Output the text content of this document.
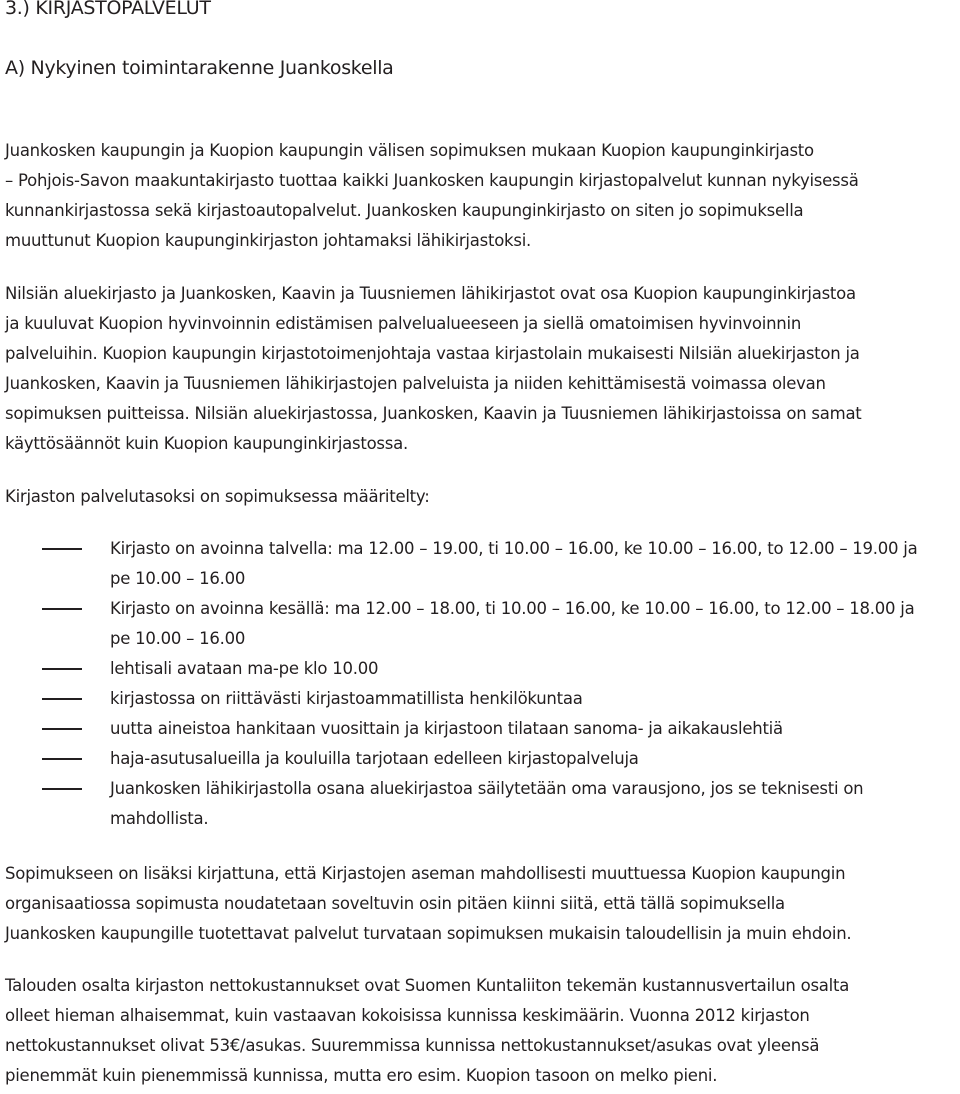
3.) KIRJASTOPALVELUT
A) Nykyinen toimintarakenne Juankoskella
Juankosken kaupungin ja Kuopion kaupungin välisen sopimuksen mukaan Kuopion kaupunginkirjasto
– Pohjois-Savon maakuntakirjasto tuottaa kaikki Juankosken kaupungin kirjastopalvelut kunnan nykyisessä
kunnankirjastossa sekä kirjastoautopalvelut. Juankosken kaupunginkirjasto on siten jo sopimuksella
muuttunut Kuopion kaupunginkirjaston johtamaksi lähikirjastoksi.
Nilsiän aluekirjasto ja Juankosken, Kaavin ja Tuusniemen lähikirjastot ovat osa Kuopion kaupunginkirjastoa
ja kuuluvat Kuopion hyvinvoinnin edistämisen palvelualueeseen ja siellä omatoimisen hyvinvoinnin
palveluihin. Kuopion kaupungin kirjastotoimenjohtaja vastaa kirjastolain mukaisesti Nilsiän aluekirjaston ja
Juankosken, Kaavin ja Tuusniemen lähikirjastojen palveluista ja niiden kehittämisestä voimassa olevan
sopimuksen puitteissa. Nilsiän aluekirjastossa, Juankosken, Kaavin ja Tuusniemen lähikirjastoissa on samat
käyttösäännöt kuin Kuopion kaupunginkirjastossa.
Kirjaston palvelutasoksi on sopimuksessa määritelty:
Kirjasto on avoinna talvella: ma 12.00 – 19.00, ti 10.00 – 16.00, ke 10.00 – 16.00, to 12.00 – 19.00 ja
pe 10.00 – 16.00
Kirjasto on avoinna kesällä: ma 12.00 – 18.00, ti 10.00 – 16.00, ke 10.00 – 16.00, to 12.00 – 18.00 ja
pe 10.00 – 16.00
lehtisali avataan ma-pe klo 10.00
kirjastossa on riittävästi kirjastoammatillista henkilökuntaa
uutta aineistoa hankitaan vuosittain ja kirjastoon tilataan sanoma- ja aikakauslehtiä
haja-asutusalueilla ja kouluilla tarjotaan edelleen kirjastopalveluja
Juankosken lähikirjastolla osana aluekirjastoa säilytetään oma varausjono, jos se teknisesti on
mahdollista.
Sopimukseen on lisäksi kirjattuna, että Kirjastojen aseman mahdollisesti muuttuessa Kuopion kaupungin
organisaatiossa sopimusta noudatetaan soveltuvin osin pitäen kiinni siitä, että tällä sopimuksella
Juankosken kaupungille tuotettavat palvelut turvataan sopimuksen mukaisin taloudellisin ja muin ehdoin.
Talouden osalta kirjaston nettokustannukset ovat Suomen Kuntaliiton tekemän kustannusvertailun osalta
olleet hieman alhaisemmat, kuin vastaavan kokoisissa kunnissa keskimäärin. Vuonna 2012 kirjaston
nettokustannukset olivat 53€/asukas. Suuremmissa kunnissa nettokustannukset/asukas ovat yleensä
pienemmät kuin pienemmissä kunnissa, mutta ero esim. Kuopion tasoon on melko pieni.
